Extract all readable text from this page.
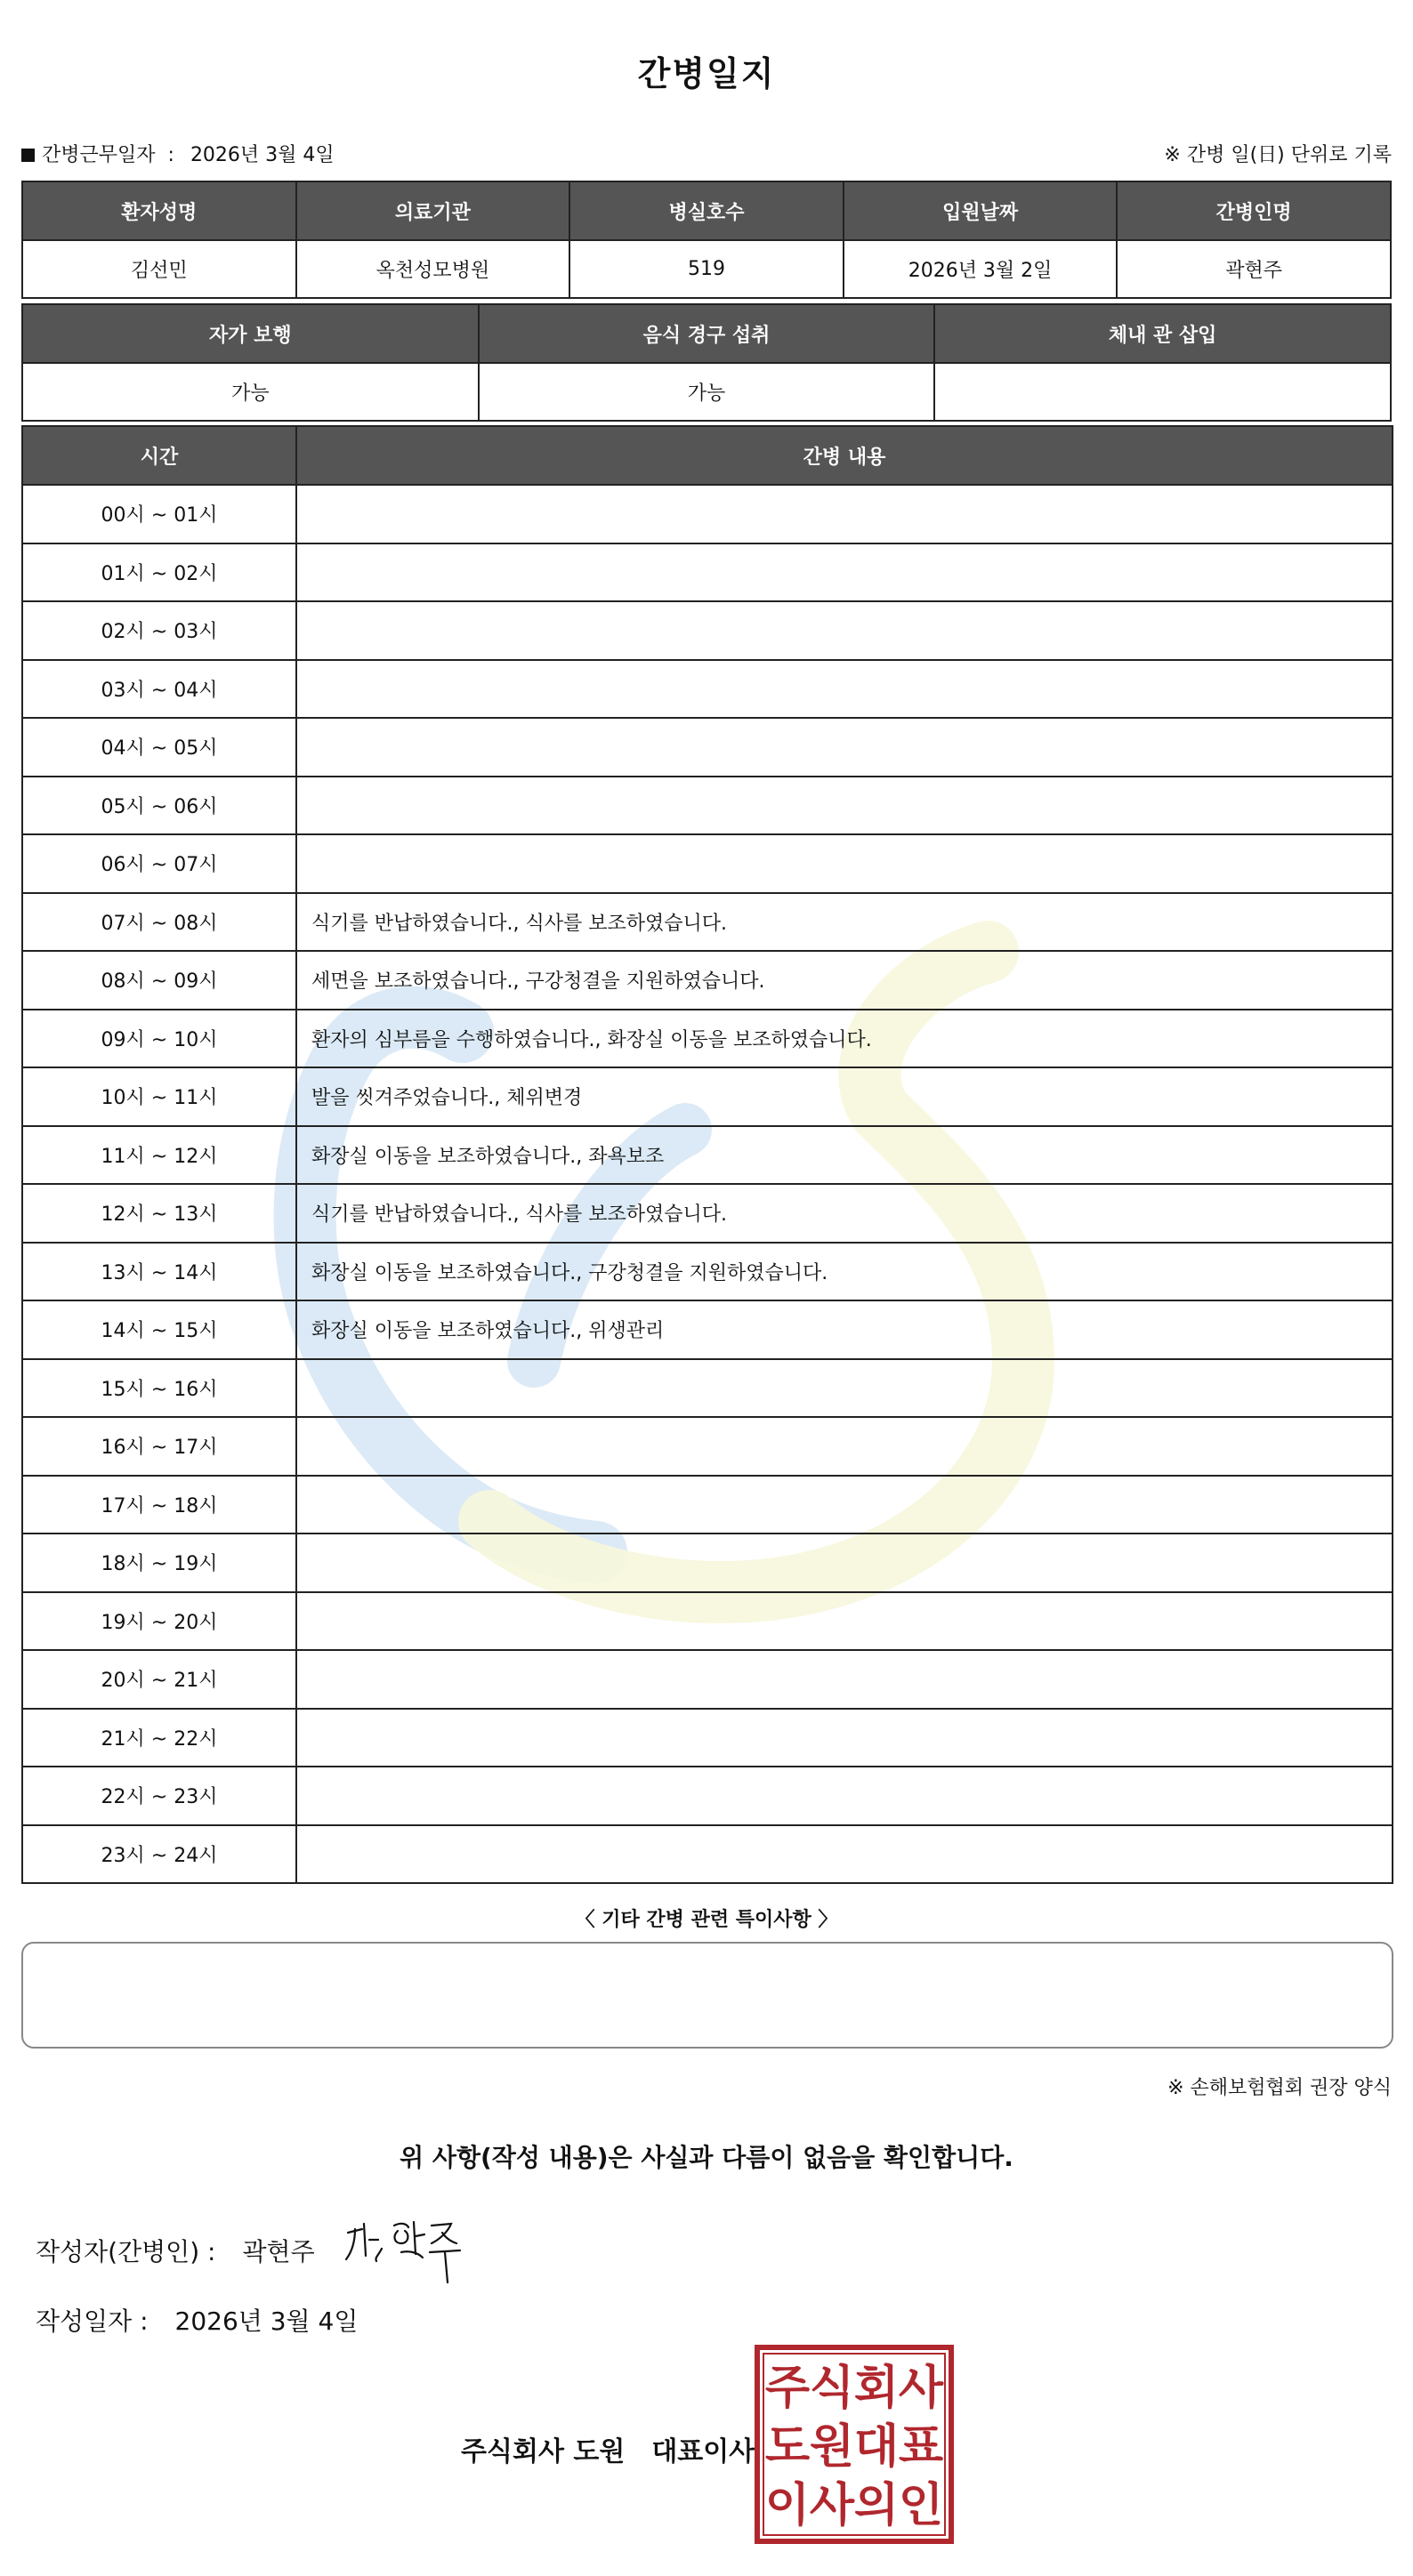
간병일지
간병근무일자 : 2026년 3월 4일	※ 간병 일(日) 단위로 기록
환자성명	의료기관	병실호수	입원날짜	간병인명
김선민	옥천성모병원	519	2026년 3월 2일	곽현주
자가 보행	음식 경구 섭취	체내 관 삽입
가능	가능	
시간	간병 내용
00시 ~ 01시	
01시 ~ 02시	
02시 ~ 03시	
03시 ~ 04시	
04시 ~ 05시	
05시 ~ 06시	
06시 ~ 07시	
07시 ~ 08시	식기를 반납하였습니다., 식사를 보조하였습니다.
08시 ~ 09시	세면을 보조하였습니다., 구강청결을 지원하였습니다.
09시 ~ 10시	환자의 심부름을 수행하였습니다., 화장실 이동을 보조하였습니다.
10시 ~ 11시	발을 씻겨주었습니다., 체위변경
11시 ~ 12시	화장실 이동을 보조하였습니다., 좌욕보조
12시 ~ 13시	식기를 반납하였습니다., 식사를 보조하였습니다.
13시 ~ 14시	화장실 이동을 보조하였습니다., 구강청결을 지원하였습니다.
14시 ~ 15시	화장실 이동을 보조하였습니다., 위생관리
15시 ~ 16시	
16시 ~ 17시	
17시 ~ 18시	
18시 ~ 19시	
19시 ~ 20시	
20시 ~ 21시	
21시 ~ 22시	
22시 ~ 23시	
23시 ~ 24시	
〈 기타 간병 관련 특이사항 〉
※ 손해보험협회 권장 양식
위 사항(작성 내용)은 사실과 다름이 없음을 확인합니다.
작성자(간병인) : 곽현주
작성일자 : 2026년 3월 4일
주식회사 도원 대표이사
주 식 회 사
도 원 대 표
이 사 의 인
